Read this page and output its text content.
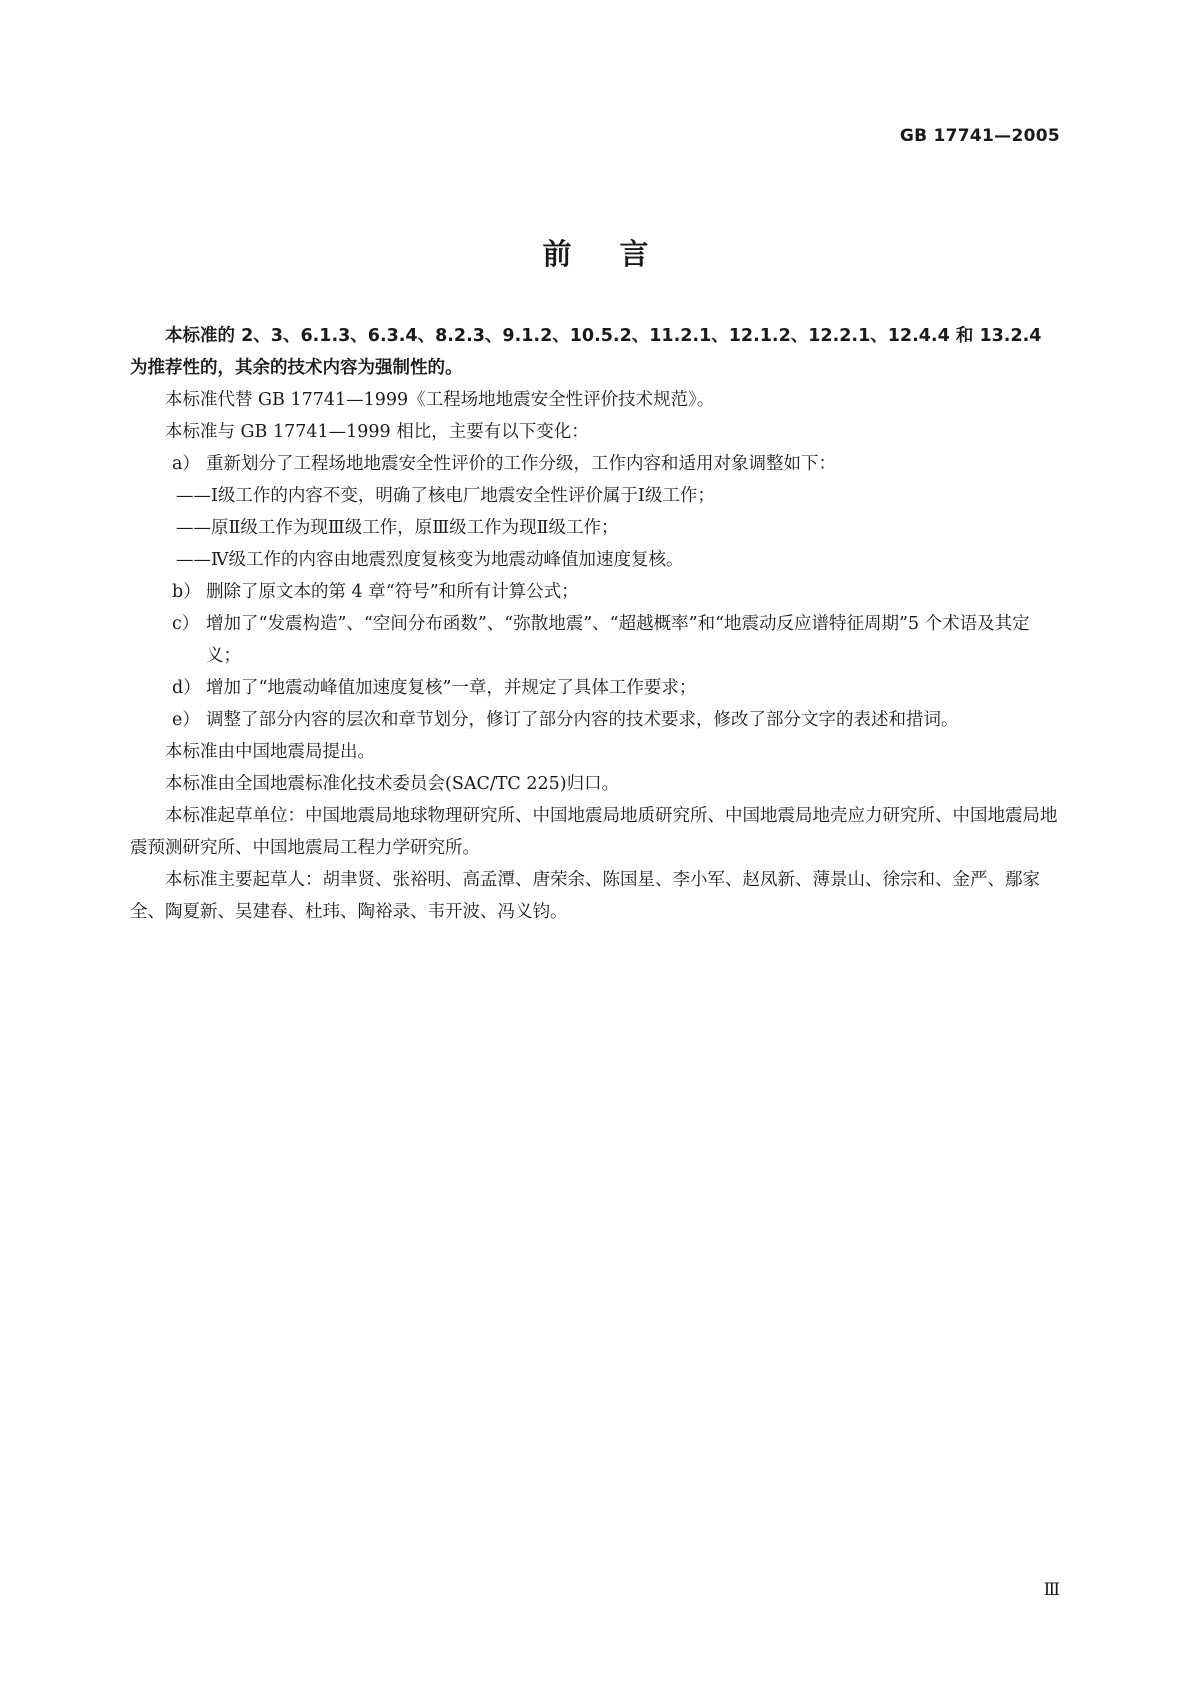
GB 17741—2005
前言

本标准的 2、3、6.1.3、6.3.4、8.2.3、9.1.2、10.5.2、11.2.1、12.1.2、12.2.1、12.4.4 和 13.2.4 为推荐性的，其余的技术内容为强制性的。

本标准代替 GB 17741—1999《工程场地地震安全性评价技术规范》。

本标准与 GB 17741—1999 相比，主要有以下变化：

a） 重新划分了工程场地地震安全性评价的工作分级，工作内容和适用对象调整如下：
——Ⅰ级工作的内容不变，明确了核电厂地震安全性评价属于Ⅰ级工作；
——原Ⅱ级工作为现Ⅲ级工作，原Ⅲ级工作为现Ⅱ级工作；
——Ⅳ级工作的内容由地震烈度复核变为地震动峰值加速度复核。
b） 删除了原文本的第 4 章“符号”和所有计算公式；
c） 增加了“发震构造”、“空间分布函数”、“弥散地震”、“超越概率”和“地震动反应谱特征周期”5 个术语及其定义；
d） 增加了“地震动峰值加速度复核”一章，并规定了具体工作要求；
e） 调整了部分内容的层次和章节划分，修订了部分内容的技术要求，修改了部分文字的表述和措词。

本标准由中国地震局提出。

本标准由全国地震标准化技术委员会(SAC/TC 225)归口。

本标准起草单位：中国地震局地球物理研究所、中国地震局地质研究所、中国地震局地壳应力研究所、中国地震局地震预测研究所、中国地震局工程力学研究所。

本标准主要起草人：胡聿贤、张裕明、高孟潭、唐荣余、陈国星、李小军、赵凤新、薄景山、徐宗和、金严、鄢家全、陶夏新、吴建春、杜玮、陶裕录、韦开波、冯义钧。

Ⅲ
